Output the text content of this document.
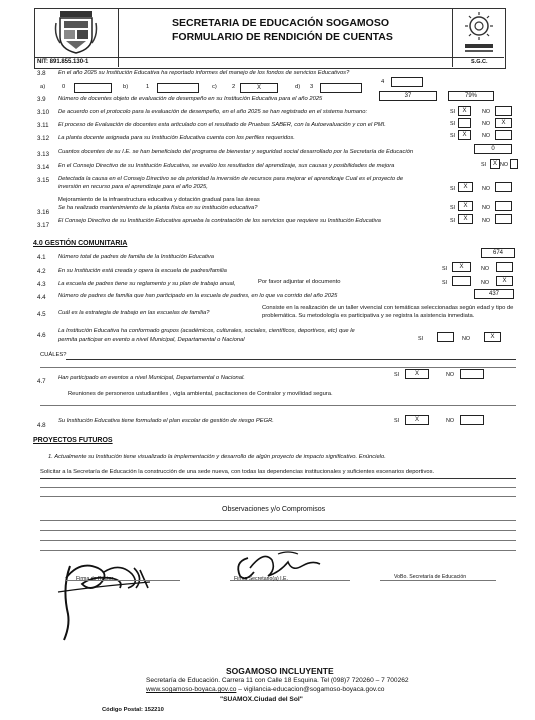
SECRETARIA DE EDUCACIÓN SOGAMOSO
FORMULARIO DE RENDICIÓN DE CUENTAS
NIT: 891.855.130-1	S.G.C.
3.8 En el año 2025 su Institución Educativa ha reportado informes del manejo de los fondos de servicios Educativos?
a)	0	b)	1	c)	2	X	d) 3
4
3.9 Número de docentes objeto de evaluación de desempeño en su Institución Educativa para el año 2025	37	79%
3.10 De acuerdo con el protocolo para la evaluación de desempeño, en el año 2025 se han registrado en el sistema humano:	SI	X	NO
3.11 El proceso de Evaluación de docentes esta articulado con el resultado de Pruebas SABER, con la Autoevaluación y con el PMI.	SI	NO	X
3.12 La planta docente asignada para su Institución Educativa cuenta con los perfiles requeridos.	SI	X	NO
3.13 Cuantos docentes de su I.E. se han beneficiado del programa de bienestar y seguridad social desarrollado por la Secretaría de Educación	0
3.14 En el Consejo Directivo de su Institución Educativa, se evalúo los resultados del aprendizaje, sus causas y posibilidades de mejora	SI	X NO
3.15 Detectada la causa en el Consejo Directivo se da prioridad la inversión de recursos para mejorar el aprendizaje Cual es el proyecto de
inversión en recurso para el aprendizaje para el año 2025,
Mejoramiento de la infraestructura educativa y dotación gradual para las áreas
SI	X	NO
3.16
Se ha realizado mantenimiento de la planta física en su institución educativa?	SI	X	NO
3.17
El Consejo Directivo de su Institución Educativa aprueba la contratación de los servicios que requiere su Institución Educativa	SI	X	NO
4.0 GESTIÓN COMUNITARIA
4.1 Número total de padres de familia de la Institución Educativa
674
4.2 En su Institución está creada y opera la escuela de padres/familia	SI	X	NO
4.3 La escuela de padres tiene su reglamento y su plan de trabajo anual,	Por favor adjuntar el documento	SI	NO	X
4.4 Número de padres de familia que han participado en la escuela de padres, en lo que va corrido del año 2025	437
4.5 Cuál es la estrategia de trabajo en las escuelas de familia?
Consiste en la realización de un taller vivencial con temáticas seleccionadas según edad y tipo de
problemática. Su metodología es participativa y se registra la asistencia inmediata.
4.6
La Institución Educativa ha conformado grupos (académicos, culturales, sociales, científicos, deportivos, etc) que le
permita participar en evento a nivel Municipal, Departamental o Nacional	SI	NO	X
CUÁLES?
4.7 Han participado en eventos a nivel Municipal, Departamental o Nacional.	SI	X	NO
Reuniones de personeros ustudiantiles , vigía ambiental, pacitaciones de Contralor y movilidad segura.
4.8
Su Institución Educativa tiene formulado el plan escolar de gestión de riesgo PEGR.	SI	X	NO
PROYECTOS FUTUROS
1. Actualmente su Institución tiene visualizado la implementación y desarrollo de algún proyecto de impacto significativo. Enúncielo.
Solicitar a la Secretaría de Educación la construcción de una sede nueva, con todas las dependencias institucionales y suficientes escenarios deportivos.
Observaciones y/o Compromisos
Firma de Rector	Firma Secretario(a) I.E.	VoBo. Secretaría de Educación
SOGAMOSO INCLUYENTE
Secretaría de Educación. Carrera 11 con Calle 18 Esquina. Tel (098)7 720260 – 7 700262
www.sogamoso-boyaca.gov.co – vigilancia-educacion@sogamoso-boyaca.gov.co
"SUAMOX.Ciudad del Sol"
Código Postal: 152210
